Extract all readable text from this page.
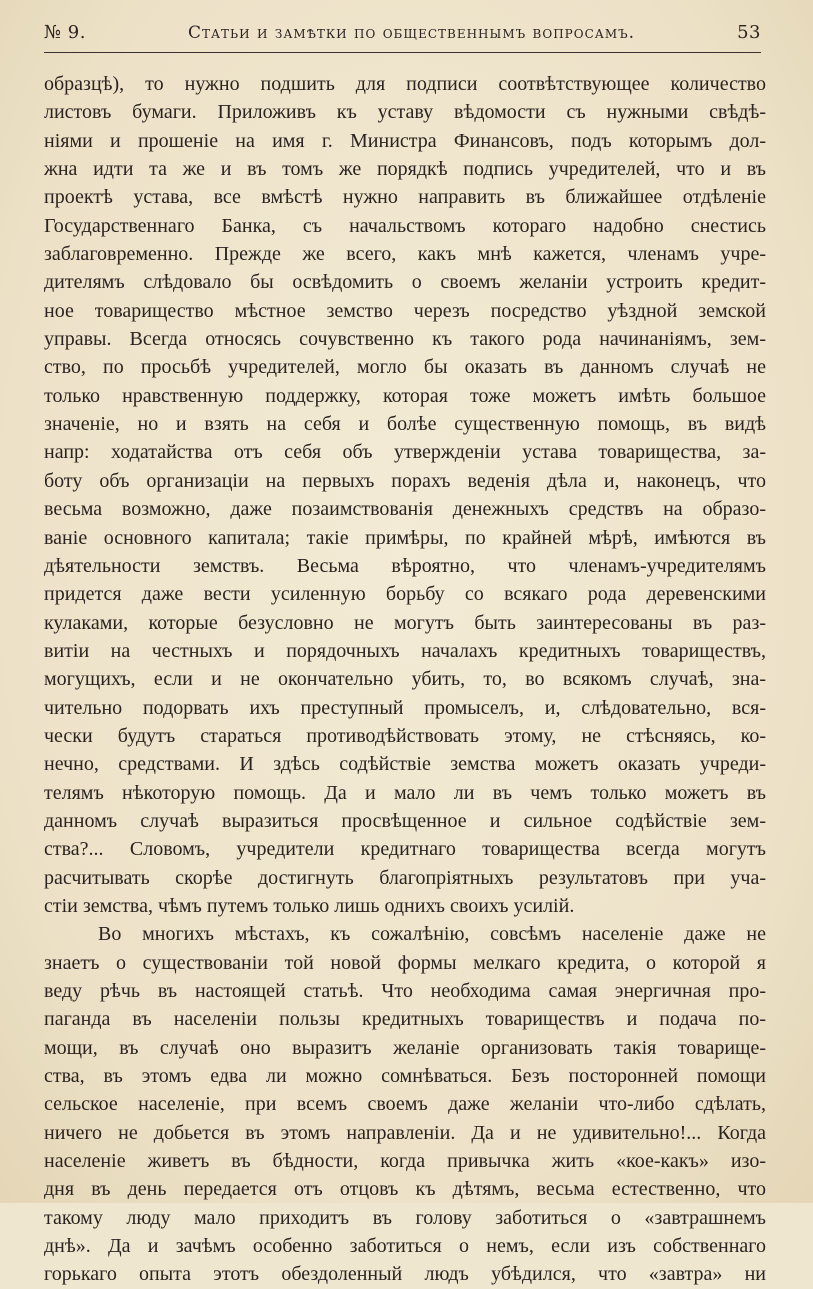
№ 9.	Статьи и замѣтки по общественнымъ вопросамъ.	53
образцѣ), то нужно подшить для подписи соотвѣтствующее количество
листовъ бумаги. Приложивъ къ уставу вѣдомости съ нужными свѣдѣ-
ніями и прошеніе на имя г. Министра Финансовъ, подъ которымъ дол-
жна идти та же и въ томъ же порядкѣ подпись учредителей, что и въ
проектѣ устава, все вмѣстѣ нужно направить въ ближайшее отдѣленіе
Государственнаго Банка, съ начальствомъ котораго надобно снестись
заблаговременно. Прежде же всего, какъ мнѣ кажется, членамъ учре-
дителямъ слѣдовало бы освѣдомить о своемъ желаніи устроить кредит-
ное товарищество мѣстное земство черезъ посредство уѣздной земской
управы. Всегда относясь сочувственно къ такого рода начинаніямъ, зем-
ство, по просьбѣ учредителей, могло бы оказать въ данномъ случаѣ не
только нравственную поддержку, которая тоже можетъ имѣть большое
значеніе, но и взять на себя и болѣе существенную помощь, въ видѣ
напр: ходатайства отъ себя объ утвержденіи устава товарищества, за-
боту объ организаціи на первыхъ порахъ веденія дѣла и, наконецъ, что
весьма возможно, даже позаимствованія денежныхъ средствъ на образо-
ваніе основного капитала; такіе примѣры, по крайней мѣрѣ, имѣются въ
дѣятельности земствъ. Весьма вѣроятно, что членамъ-учредителямъ
придется даже вести усиленную борьбу со всякаго рода деревенскими
кулаками, которые безусловно не могутъ быть заинтересованы въ раз-
витіи на честныхъ и порядочныхъ началахъ кредитныхъ товариществъ,
могущихъ, если и не окончательно убить, то, во всякомъ случаѣ, зна-
чительно подорвать ихъ преступный промыселъ, и, слѣдовательно, вся-
чески будутъ стараться противодѣйствовать этому, не стѣсняясь, ко-
нечно, средствами. И здѣсь содѣйствіе земства можетъ оказать учреди-
телямъ нѣкоторую помощь. Да и мало ли въ чемъ только можетъ въ
данномъ случаѣ выразиться просвѣщенное и сильное содѣйствіе зем-
ства?... Словомъ, учредители кредитнаго товарищества всегда могутъ
расчитывать скорѣе достигнуть благопріятныхъ результатовъ при уча-
стіи земства, чѣмъ путемъ только лишь однихъ своихъ усилій.
Во многихъ мѣстахъ, къ сожалѣнію, совсѣмъ населеніе даже не
знаетъ о существованіи той новой формы мелкаго кредита, о которой я
веду рѣчь въ настоящей статьѣ. Что необходима самая энергичная про-
паганда въ населеніи пользы кредитныхъ товариществъ и подача по-
мощи, въ случаѣ оно выразитъ желаніе организовать такія товарище-
ства, въ этомъ едва ли можно сомнѣваться. Безъ посторонней помощи
сельское населеніе, при всемъ своемъ даже желаніи что-либо сдѣлать,
ничего не добьется въ этомъ направленіи. Да и не удивительно!... Когда
населеніе живетъ въ бѣдности, когда привычка жить «кое-какъ» изо-
дня въ день передается отъ отцовъ къ дѣтямъ, весьма естественно, что
такому люду мало приходитъ въ голову заботиться о «завтрашнемъ
днѣ». Да и зачѣмъ особенно заботиться о немъ, если изъ собственнаго
горькаго опыта этотъ обездоленный людъ убѣдился, что «завтра» ни
